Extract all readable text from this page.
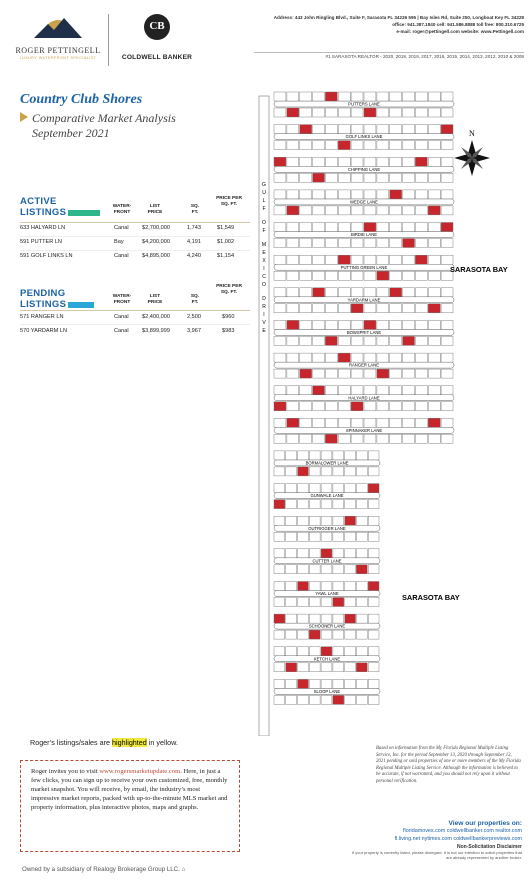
ROGER PETTINGELL
LUXURY WATERFRONT SPECIALIST
CB
COLDWELL BANKER
Address: 443 John Ringling Blvd., Suite F, Sarasota FL 34236 595 | Bay Isles Rd, Suite 250, Longboat Key FL 34228
office: 941.387.1840 cell: 941.586.8888 toll free: 800.310.6725
e-mail: roger@pettingell.com website: www.Pettingell.com
#1 SARASOTA REALTOR - 2020, 2019, 2018, 2017, 2016, 2015, 2014, 2013, 2012, 2010 & 2008
Country Club Shores
Comparative Market Analysis
September 2021
ACTIVE
LISTINGS
WATER-FRONT
LIST PRICE
SQ. FT.
PRICE PER SQ. FT.
633 HALYARD LN	Canal $2,700,000	1,743	$1,549
591 PUTTER LN	Bay	$4,200,000	4,191	$1,002
591 GOLF LINKS LN	Canal $4,895,000	4,240	$1,154
PENDING
LISTINGS
WATER-FRONT
LIST PRICE
SQ. FT.
PRICE PER SQ. FT.
571 RANGER LN	Canal $2,400,000	2,500	$960
570 YARDARM LN	Canal $3,899,999	3,967	$983
Roger’s listings/sales are highlighted in yellow.

Roger invites you to visit www.rogersmarketupdate.com. Here, in just a few clicks, you can sign up to receive your own customized, free, monthly market snapshot. You will receive, by email, the industry’s most impressive market reports, packed with up-to-the-minute MLS market and property information, plus interactive photos, maps and graphs.

Owned by a subsidiary of Realogy Brokerage Group LLC. ⌂
G
U
L
F
O
F
M
E
X
I
C
O
D
R
I
V
E
PUTTERS LANE
GOLF LINKS LANE
CHIPPING LANE
WEDGE LANE
BIRDIE LANE
PUTTING GREEN LANE
YARDARM LANE
BOWSPRIT LANE
RANGER LANE
HALYARD LANE
SPINNAKER LANE
BORMALOWER LANE
GUNWALE LANE
OUTRIGGER LANE
CUTTER LANE
YAWL LANE
SCHOONER LANE
KETCH LANE
SLOOP LANE
N
SARASOTA BAY
SARASOTA BAY
Based on information from the My Florida Regional Multiple Listing Service, Inc. for the period September 13, 2020 through September 13, 2021 pending or sold properties of one or more members of the My Florida Regional Multiple Listing Service. Although the information is believed to be accurate, if not warranted, and you should not rely upon it without personal verification.
View our properties on:
floridamoves.com coldwellbanker.com realtor.com
fl.living.net nytimes.com coldwellbankerpreviews.com
Non-Solicitation Disclaimer
If your property is currently listed, please disregard. It is not our intention to solicit properties that are already represented by another broker.
